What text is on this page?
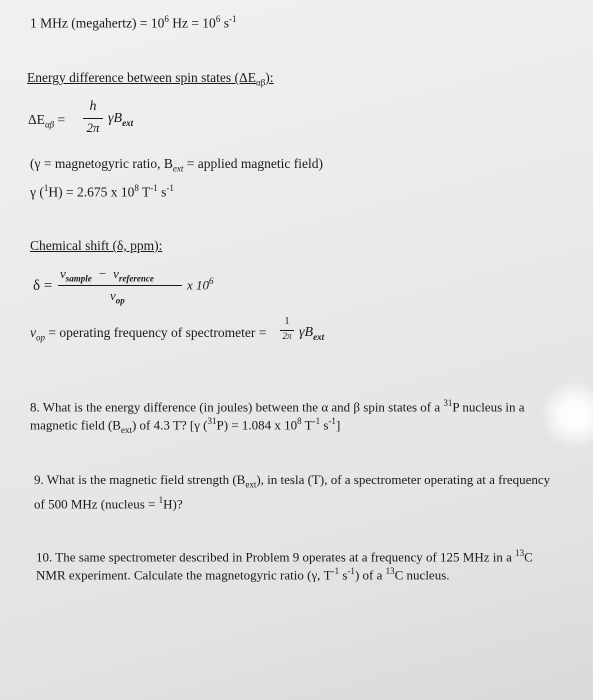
1 MHz (megahertz) = $10^6$ $Hz = 10^6$ $s^{-1}$
Energy difference between spin states $(\Delta E_{\alpha\beta})$:
$\Delta E_{\alpha\beta}$ =
h
2π
$\gamma B_{ext}$
(γ = magnetogyric ratio, $B_{ext}$ = applied magnetic field)
γ ($^1$H) = 2.675 x $10^8$ $T^{-1}$ $s^{-1}$
Chemical shift (δ, ppm):
δ =
$\nu_{sample} - \nu_{reference}$
$\nu_{op}$
x $10^6$
$\nu_{op}$ = operating frequency of spectrometer =
1
2π $\gamma B_{ext}$
8. What is the energy difference (in joules) between the α and β spin states of a $^{31}$P nucleus in a magnetic field $(B_{ext})$ of 4.3 T? [γ ($^{31}$P) = 1.084 x $10^8$ $T^{-1}$ $s^{-1}$]
9. What is the magnetic field strength $(B_{ext})$, in tesla (T), of a spectrometer operating at a frequency of 500 MHz (nucleus = $^1$H)?
10. The same spectrometer described in Problem 9 operates at a frequency of 125 MHz in a $^{13}$C NMR experiment. Calculate the magnetogyric ratio (γ, $T^{-1}$ $s^{-1}$) of a $^{13}$C nucleus.
